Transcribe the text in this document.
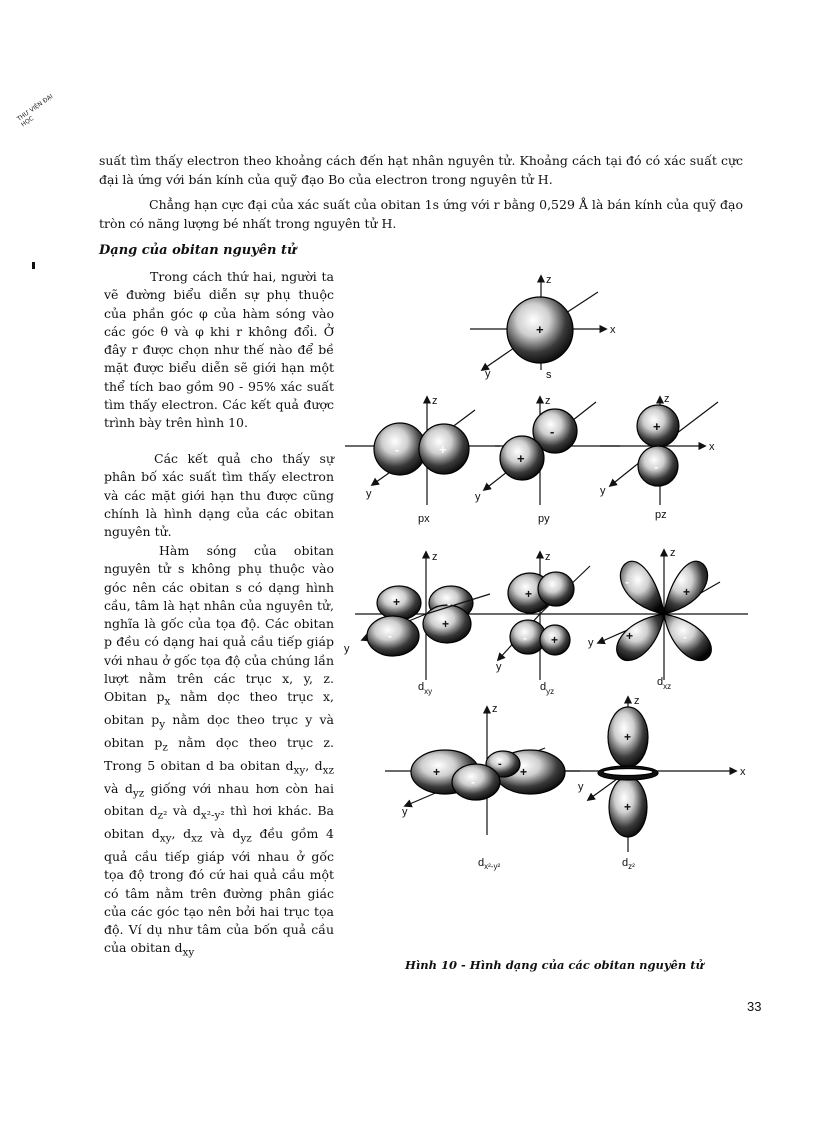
THƯ VIỆN ĐẠI HỌC

suất tìm thấy electron theo khoảng cách đến hạt nhân nguyên tử. Khoảng cách tại đó có xác suất cực đại là ứng với bán kính của quỹ đạo Bo của electron trong nguyên tử H.

Chẳng hạn cực đại của xác suất của obitan 1s ứng với r bằng 0,529 Å là bán kính của quỹ đạo tròn có năng lượng bé nhất trong nguyên tử H.

Dạng của obitan nguyên tử

Trong cách thứ hai, người ta vẽ đường biểu diễn sự phụ thuộc của phần góc φ của hàm sóng vào các góc θ và φ khi r không đổi. Ở đây r được chọn như thế nào để bề mặt được biểu diễn sẽ giới hạn một thể tích bao gồm 90 - 95% xác suất tìm thấy electron. Các kết quả được trình bày trên hình 10.

Các kết quả cho thấy sự phân bố xác suất tìm thấy electron và các mặt giới hạn thu được cũng chính là hình dạng của các obitan nguyên tử.

Hàm sóng của obitan nguyên tử s không phụ thuộc vào góc nên các obitan s có dạng hình cầu, tâm là hạt nhân của nguyên tử, nghĩa là gốc của tọa độ. Các obitan p đều có dạng hai quả cầu tiếp giáp với nhau ở gốc tọa độ của chúng lần lượt nằm trên các trục x, y, z. Obitan $p_x$ nằm dọc theo trục x, obitan $p_y$ nằm dọc theo trục y và obitan $p_z$ nằm dọc theo trục z. Trong 5 obitan d ba obitan $d_{xy}$, $d_{xz}$ và $d_{yz}$ giống với nhau hơn còn hai obitan $d_{z^2}$ và $d_{x^2-y^2}$ thì hơi khác. Ba obitan $d_{xy}$, $d_{xz}$ và $d_{yz}$ đều gồm 4 quả cầu tiếp giáp với nhau ở gốc tọa độ trong đó cứ hai quả cầu một có tâm nằm trên đường phân giác của các góc tạo nên bởi hai trục tọa độ. Ví dụ như tâm của bốn quả cầu của obitan $d_{xy}$

z
x
y	s
+
z
y
px
-	+
z
y
py
-
+
z
x
y
pz
+
-
z
y
$d_{xy}$
+	-
-
+
z
y
$d_{yz}$
+
- +
z
y
$d_{xz}$
-
+
+	-
z
y
$d_{x^2-y^2}$
+	+
-
-
z
x
y
$d_{z^2}$
+
+

Hình 10 - Hình dạng của các obitan nguyên tử

33
